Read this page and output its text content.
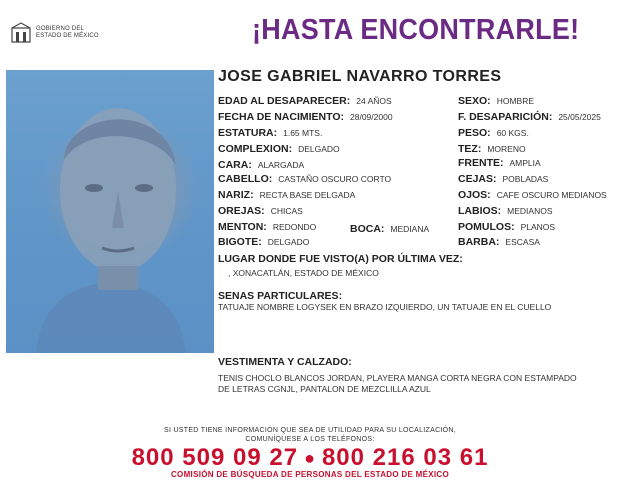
GOBIERNO DEL
ESTADO DE MÉXICO	¡HASTA ENCONTRARLE!
JOSE GABRIEL NAVARRO TORRES
EDAD AL DESAPARECER: 24 AÑOS
FECHA DE NACIMIENTO: 28/09/2000
ESTATURA: 1.65 MTS.
COMPLEXION: DELGADO
CARA: ALARGADA
CABELLO: CASTAÑO OSCURO CORTO
NARIZ: RECTA BASE DELGADA
OREJAS: CHICAS
MENTON: REDONDO	BOCA: MEDIANA
BIGOTE: DELGADO
SEXO: HOMBRE
F. DESAPARICIÓN: 25/05/2025
PESO: 60 KGS.
TEZ: MORENO
FRENTE: AMPLIA
CEJAS: POBLADAS
OJOS: CAFE OSCURO MEDIANOS
LABIOS: MEDIANOS
POMULOS: PLANOS
BARBA: ESCASA
LUGAR DONDE FUE VISTO(A) POR ÚLTIMA VEZ:
, XONACATLÁN, ESTADO DE MÉXICO
SENAS PARTICULARES:
TATUAJE NOMBRE LOGYSEK EN BRAZO IZQUIERDO, UN TATUAJE EN EL CUELLO
VESTIMENTA Y CALZADO:
TENIS CHOCLO BLANCOS JORDAN, PLAYERA MANGA CORTA NEGRA CON ESTAMPADO DE LETRAS CGNJL, PANTALON DE MEZCLILLA AZUL
SI USTED TIENE INFORMACIÓN QUE SEA DE UTILIDAD PARA SU LOCALIZACIÓN,
COMUNÍQUESE A LOS TELÉFONOS:
800 509 09 27 ● 800 216 03 61
COMISIÓN DE BÚSQUEDA DE PERSONAS DEL ESTADO DE MÉXICO
